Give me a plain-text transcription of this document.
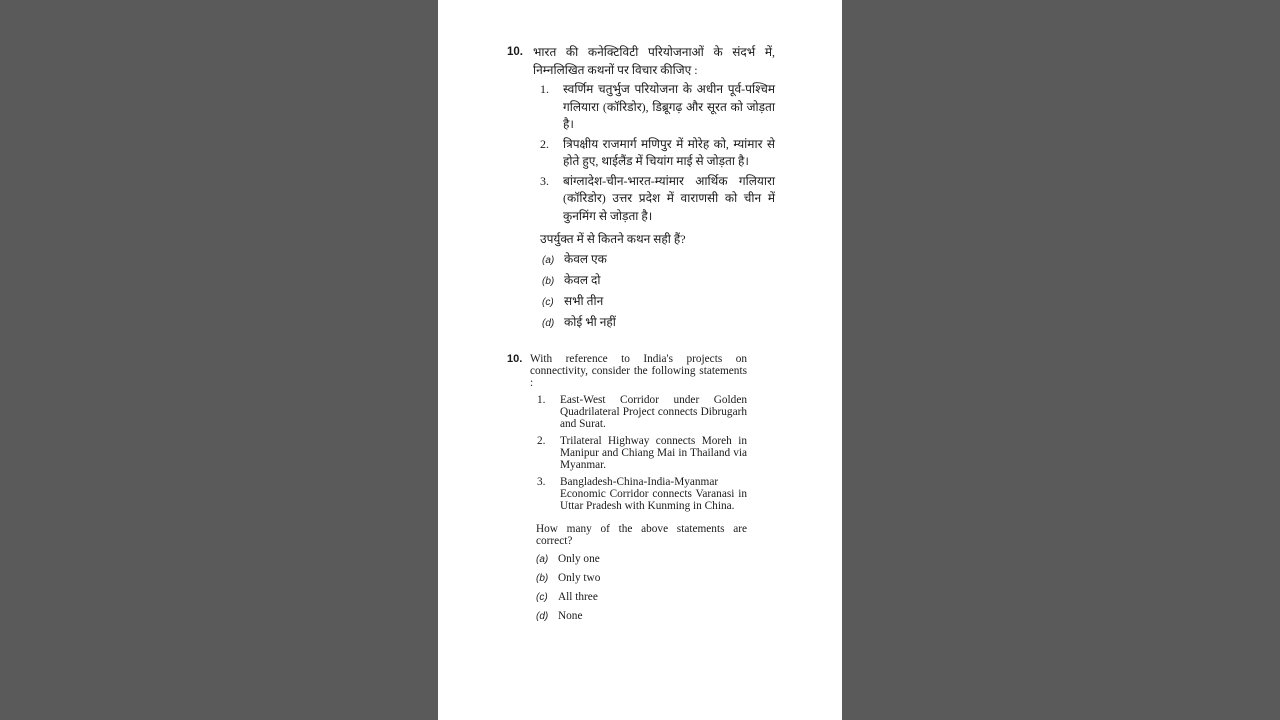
10. भारत की कनेक्टिविटी परियोजनाओं के संदर्भ में, निम्नलिखित कथनों पर विचार कीजिए :
1.	स्वर्णिम चतुर्भुज परियोजना के अधीन पूर्व-पश्चिम गलियारा (कॉरिडोर), डिब्रूगढ़ और सूरत को जोड़ता है।
2.	त्रिपक्षीय राजमार्ग मणिपुर में मोरेह को, म्यांमार से होते हुए, थाईलैंड में चियांग माई से जोड़ता है।
3.	बांग्लादेश-चीन-भारत-म्यांमार आर्थिक गलियारा (कॉरिडोर) उत्तर प्रदेश में वाराणसी को चीन में कुनमिंग से जोड़ता है।
उपर्युक्त में से कितने कथन सही हैं?
(a) केवल एक
(b) केवल दो
(c) सभी तीन
(d) कोई भी नहीं
10. With reference to India's projects on connectivity, consider the following statements :
1.	East-West Corridor under Golden Quadrilateral Project connects Dibrugarh and Surat.
2.	Trilateral Highway connects Moreh in Manipur and Chiang Mai in Thailand via Myanmar.
3.	Bangladesh-China-India-Myanmar Economic Corridor connects Varanasi in Uttar Pradesh with Kunming in China.
How many of the above statements are correct?
(a) Only one
(b) Only two
(c) All three
(d) None
